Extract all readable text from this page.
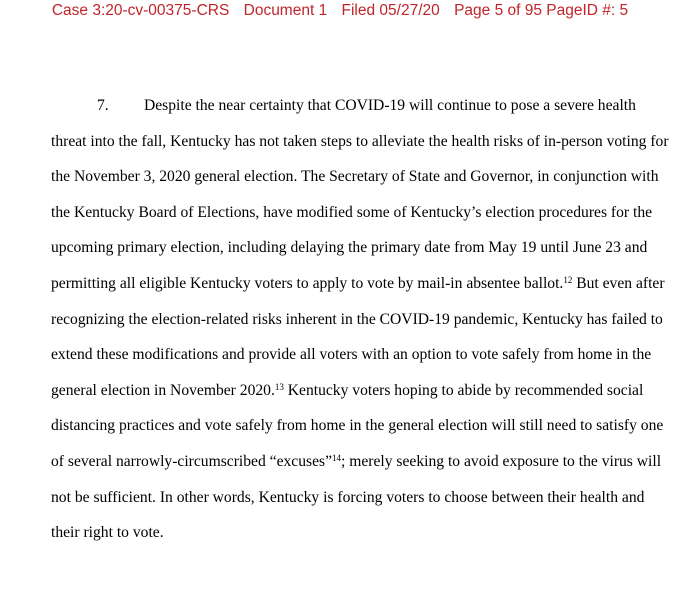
Case 3:20-cv-00375-CRS Document 1 Filed 05/27/20 Page 5 of 95 PageID #: 5

7. Despite the near certainty that COVID-19 will continue to pose a severe health threat into the fall, Kentucky has not taken steps to alleviate the health risks of in-person voting for the November 3, 2020 general election. The Secretary of State and Governor, in conjunction with the Kentucky Board of Elections, have modified some of Kentucky’s election procedures for the upcoming primary election, including delaying the primary date from May 19 until June 23 and permitting all eligible Kentucky voters to apply to vote by mail-in absentee ballot.$^{12}$ But even after recognizing the election-related risks inherent in the COVID-19 pandemic, Kentucky has failed to extend these modifications and provide all voters with an option to vote safely from home in the general election in November 2020.13 Kentucky voters hoping to abide by recommended social distancing practices and vote safely from home in the general election will still need to satisfy one of several narrowly-circumscribed “excuses”$^{14}$; merely seeking to avoid exposure to the virus will not be sufficient. In other words, Kentucky is forcing voters to choose between their health and their right to vote.
